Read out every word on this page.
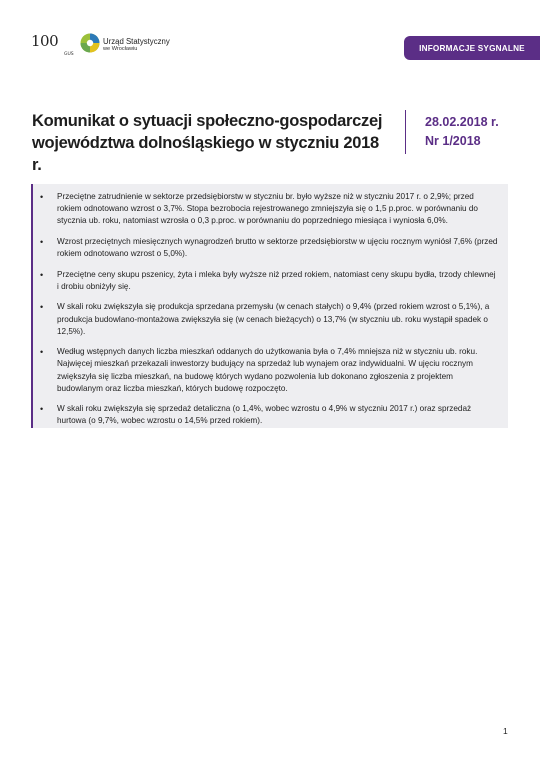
100
GUS
Urząd Statystyczny
we Wrocławiu	INFORMACJE SYGNALNE
Komunikat o sytuacji społeczno-gospodarczej
województwa dolnośląskiego w styczniu 2018 r.
28.02.2018 r.
Nr 1/2018
• Przeciętne zatrudnienie w sektorze przedsiębiorstw w styczniu br. było wyższe niż w styczniu 2017 r. o 2,9%; przed rokiem odnotowano wzrost o 3,7%. Stopa bezrobocia rejestrowanego zmniejszyła się o 1,5 p.proc. w porównaniu do stycznia ub. roku, natomiast wzrosła o 0,3 p.proc. w porównaniu do poprzedniego miesiąca i wyniosła 6,0%.
• Wzrost przeciętnych miesięcznych wynagrodzeń brutto w sektorze przedsiębiorstw w ujęciu rocznym wyniósł 7,6% (przed rokiem odnotowano wzrost o 5,0%).
• Przeciętne ceny skupu pszenicy, żyta i mleka były wyższe niż przed rokiem, natomiast ceny skupu bydła, trzody chlewnej i drobiu obniżyły się.
• W skali roku zwiększyła się produkcja sprzedana przemysłu (w cenach stałych) o 9,4% (przed rokiem wzrost o 5,1%), a produkcja budowlano-montażowa zwiększyła się (w cenach bieżących) o 13,7% (w styczniu ub. roku wystąpił spadek o 12,5%).
• Według wstępnych danych liczba mieszkań oddanych do użytkowania była o 7,4% mniejsza niż w styczniu ub. roku. Najwięcej mieszkań przekazali inwestorzy budujący na sprzedaż lub wynajem oraz indywidualni. W ujęciu rocznym zwiększyła się liczba mieszkań, na budowę których wydano pozwolenia lub dokonano zgłoszenia z projektem budowlanym oraz liczba mieszkań, których budowę rozpoczęto.
• W skali roku zwiększyła się sprzedaż detaliczna (o 1,4%, wobec wzrostu o 4,9% w styczniu 2017 r.) oraz sprzedaż hurtowa (o 9,7%, wobec wzrostu o 14,5% przed rokiem).
1
